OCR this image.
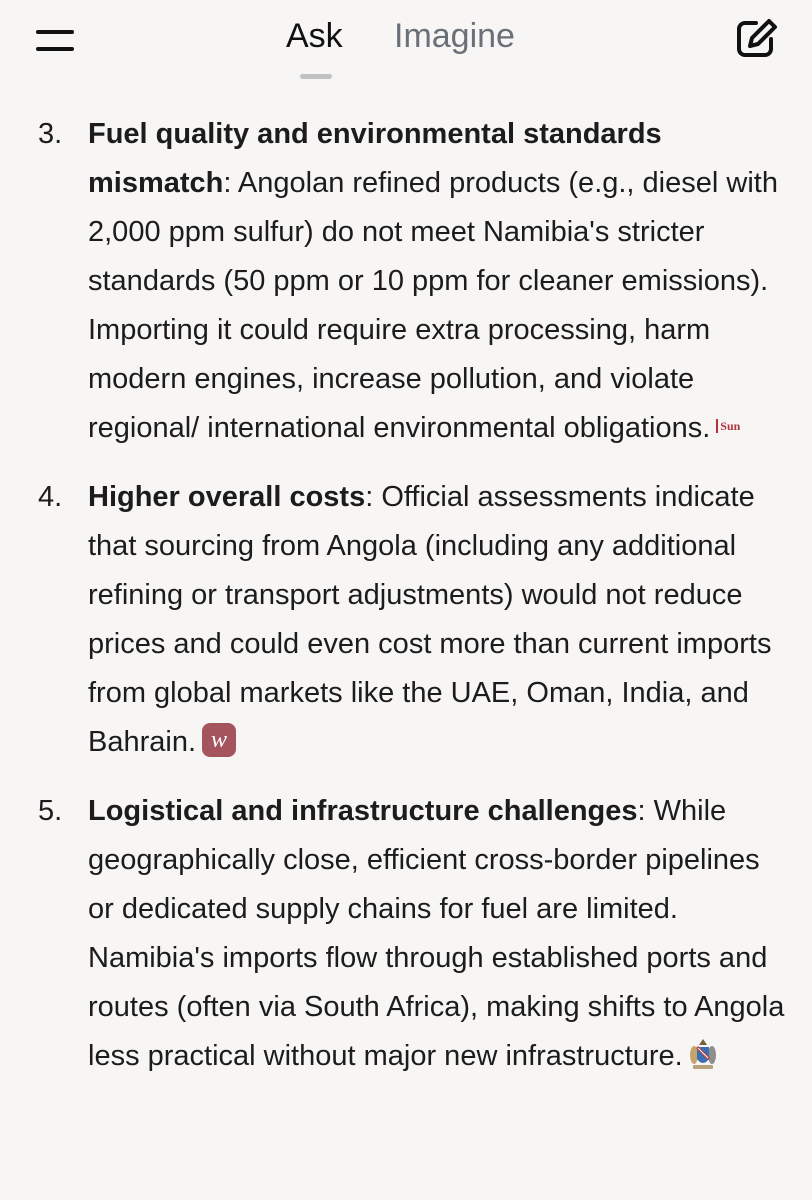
Ask Imagine
3. Fuel quality and environmental standards mismatch: Angolan refined products (e.g., diesel with 2,000 ppm sulfur) do not meet Namibia's stricter standards (50 ppm or 10 ppm for cleaner emissions). Importing it could require extra processing, harm modern engines, increase pollution, and violate regional/ international environmental obligations. Sun
4. Higher overall costs: Official assessments indicate that sourcing from Angola (including any additional refining or transport adjustments) would not reduce prices and could even cost more than current imports from global markets like the UAE, Oman, India, and Bahrain. w
5. Logistical and infrastructure challenges: While geographically close, efficient cross-border pipelines or dedicated supply chains for fuel are limited. Namibia's imports flow through established ports and routes (often via South Africa), making shifts to Angola less practical without major new infrastructure.
